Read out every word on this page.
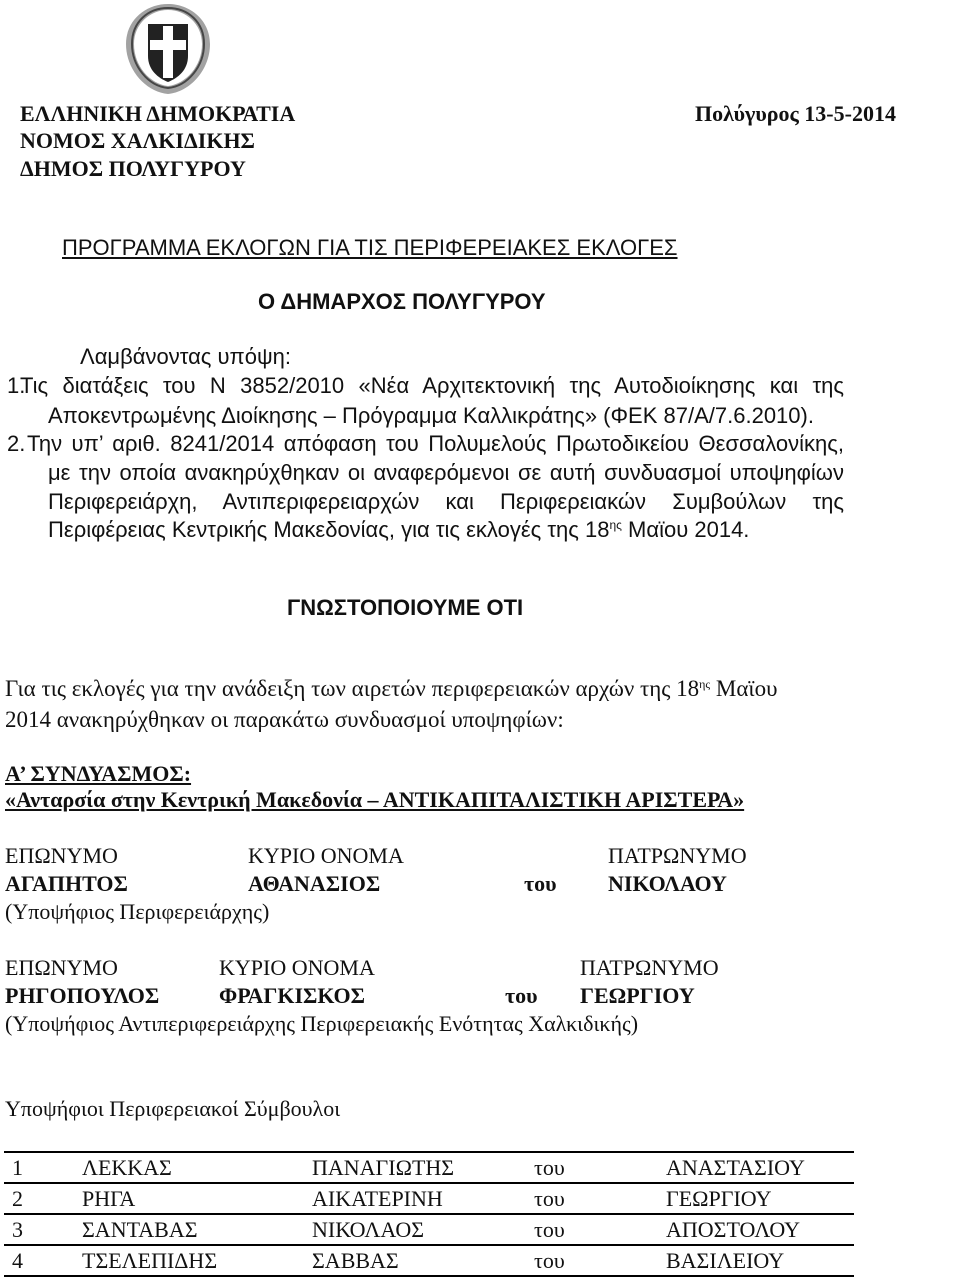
ΕΛΛΗΝΙΚΗ ΔΗΜΟΚΡΑΤΙΑ
ΝΟΜΟΣ ΧΑΛΚΙΔΙΚΗΣ
ΔΗΜΟΣ ΠΟΛΥΓΥΡΟΥ
Πολύγυρος 13-5-2014
ΠΡΟΓΡΑΜΜΑ ΕΚΛΟΓΩΝ ΓΙΑ ΤΙΣ ΠΕΡΙΦΕΡΕΙΑΚΕΣ ΕΚΛΟΓΕΣ
Ο ΔΗΜΑΡΧΟΣ ΠΟΛΥΓΥΡΟΥ
Λαμβάνοντας υπόψη:
1.
Τις διατάξεις του Ν 3852/2010 «Νέα Αρχιτεκτονική της Αυτοδιοίκησης και της
Αποκεντρωμένης Διοίκησης – Πρόγραμμα Καλλικράτης» (ΦΕΚ 87/Α/7.6.2010).
2. Την υπ’ αριθ. 8241/2014 απόφαση του Πολυμελούς Πρωτοδικείου Θεσσαλονίκης,
με την οποία ανακηρύχθηκαν οι αναφερόμενοι σε αυτή συνδυασμοί υποψηφίων
Περιφερειάρχη, Αντιπεριφερειαρχών και Περιφερειακών Συμβούλων της
Περιφέρειας Κεντρικής Μακεδονίας, για τις εκλογές της $18^{\eta\varsigma}$ Μαϊου 2014.
ΓΝΩΣΤΟΠΟΙΟΥΜΕ ΟΤΙ
Για τις εκλογές για την ανάδειξη των αιρετών περιφερειακών αρχών της $18^{\eta\varsigma}$ Μαϊου
2014 ανακηρύχθηκαν οι παρακάτω συνδυασμοί υποψηφίων:
Α’ ΣΥΝΔΥΑΣΜΟΣ:
«Ανταρσία στην Κεντρική Μακεδονία – ΑΝΤΙΚΑΠΙΤΑΛΙΣΤΙΚΗ ΑΡΙΣΤΕΡΑ»
ΕΠΩΝΥΜΟ	ΚΥΡΙΟ ΟΝΟΜΑ	ΠΑΤΡΩΝΥΜΟ
ΑΓΑΠΗΤΟΣ	ΑΘΑΝΑΣΙΟΣ	του ΝΙΚΟΛΑΟΥ
(Υποψήφιος Περιφερειάρχης)
ΕΠΩΝΥΜΟ	ΚΥΡΙΟ ΟΝΟΜΑ	ΠΑΤΡΩΝΥΜΟ
ΡΗΓΟΠΟΥΛΟΣ	ΦΡΑΓΚΙΣΚΟΣ	του ΓΕΩΡΓΙΟΥ
(Υποψήφιος Αντιπεριφερειάρχης Περιφερειακής Ενότητας Χαλκιδικής)
Υποψήφιοι Περιφερειακοί Σύμβουλοι
1	ΛΕΚΚΑΣ	ΠΑΝΑΓΙΩΤΗΣ	του	ΑΝΑΣΤΑΣΙΟΥ
2	ΡΗΓΑ	ΑΙΚΑΤΕΡΙΝΗ	του	ΓΕΩΡΓΙΟΥ
3	ΣΑΝΤΑΒΑΣ	ΝΙΚΟΛΑΟΣ	του	ΑΠΟΣΤΟΛΟΥ
4	ΤΣΕΛΕΠΙΔΗΣ	ΣΑΒΒΑΣ	του	ΒΑΣΙΛΕΙΟΥ
